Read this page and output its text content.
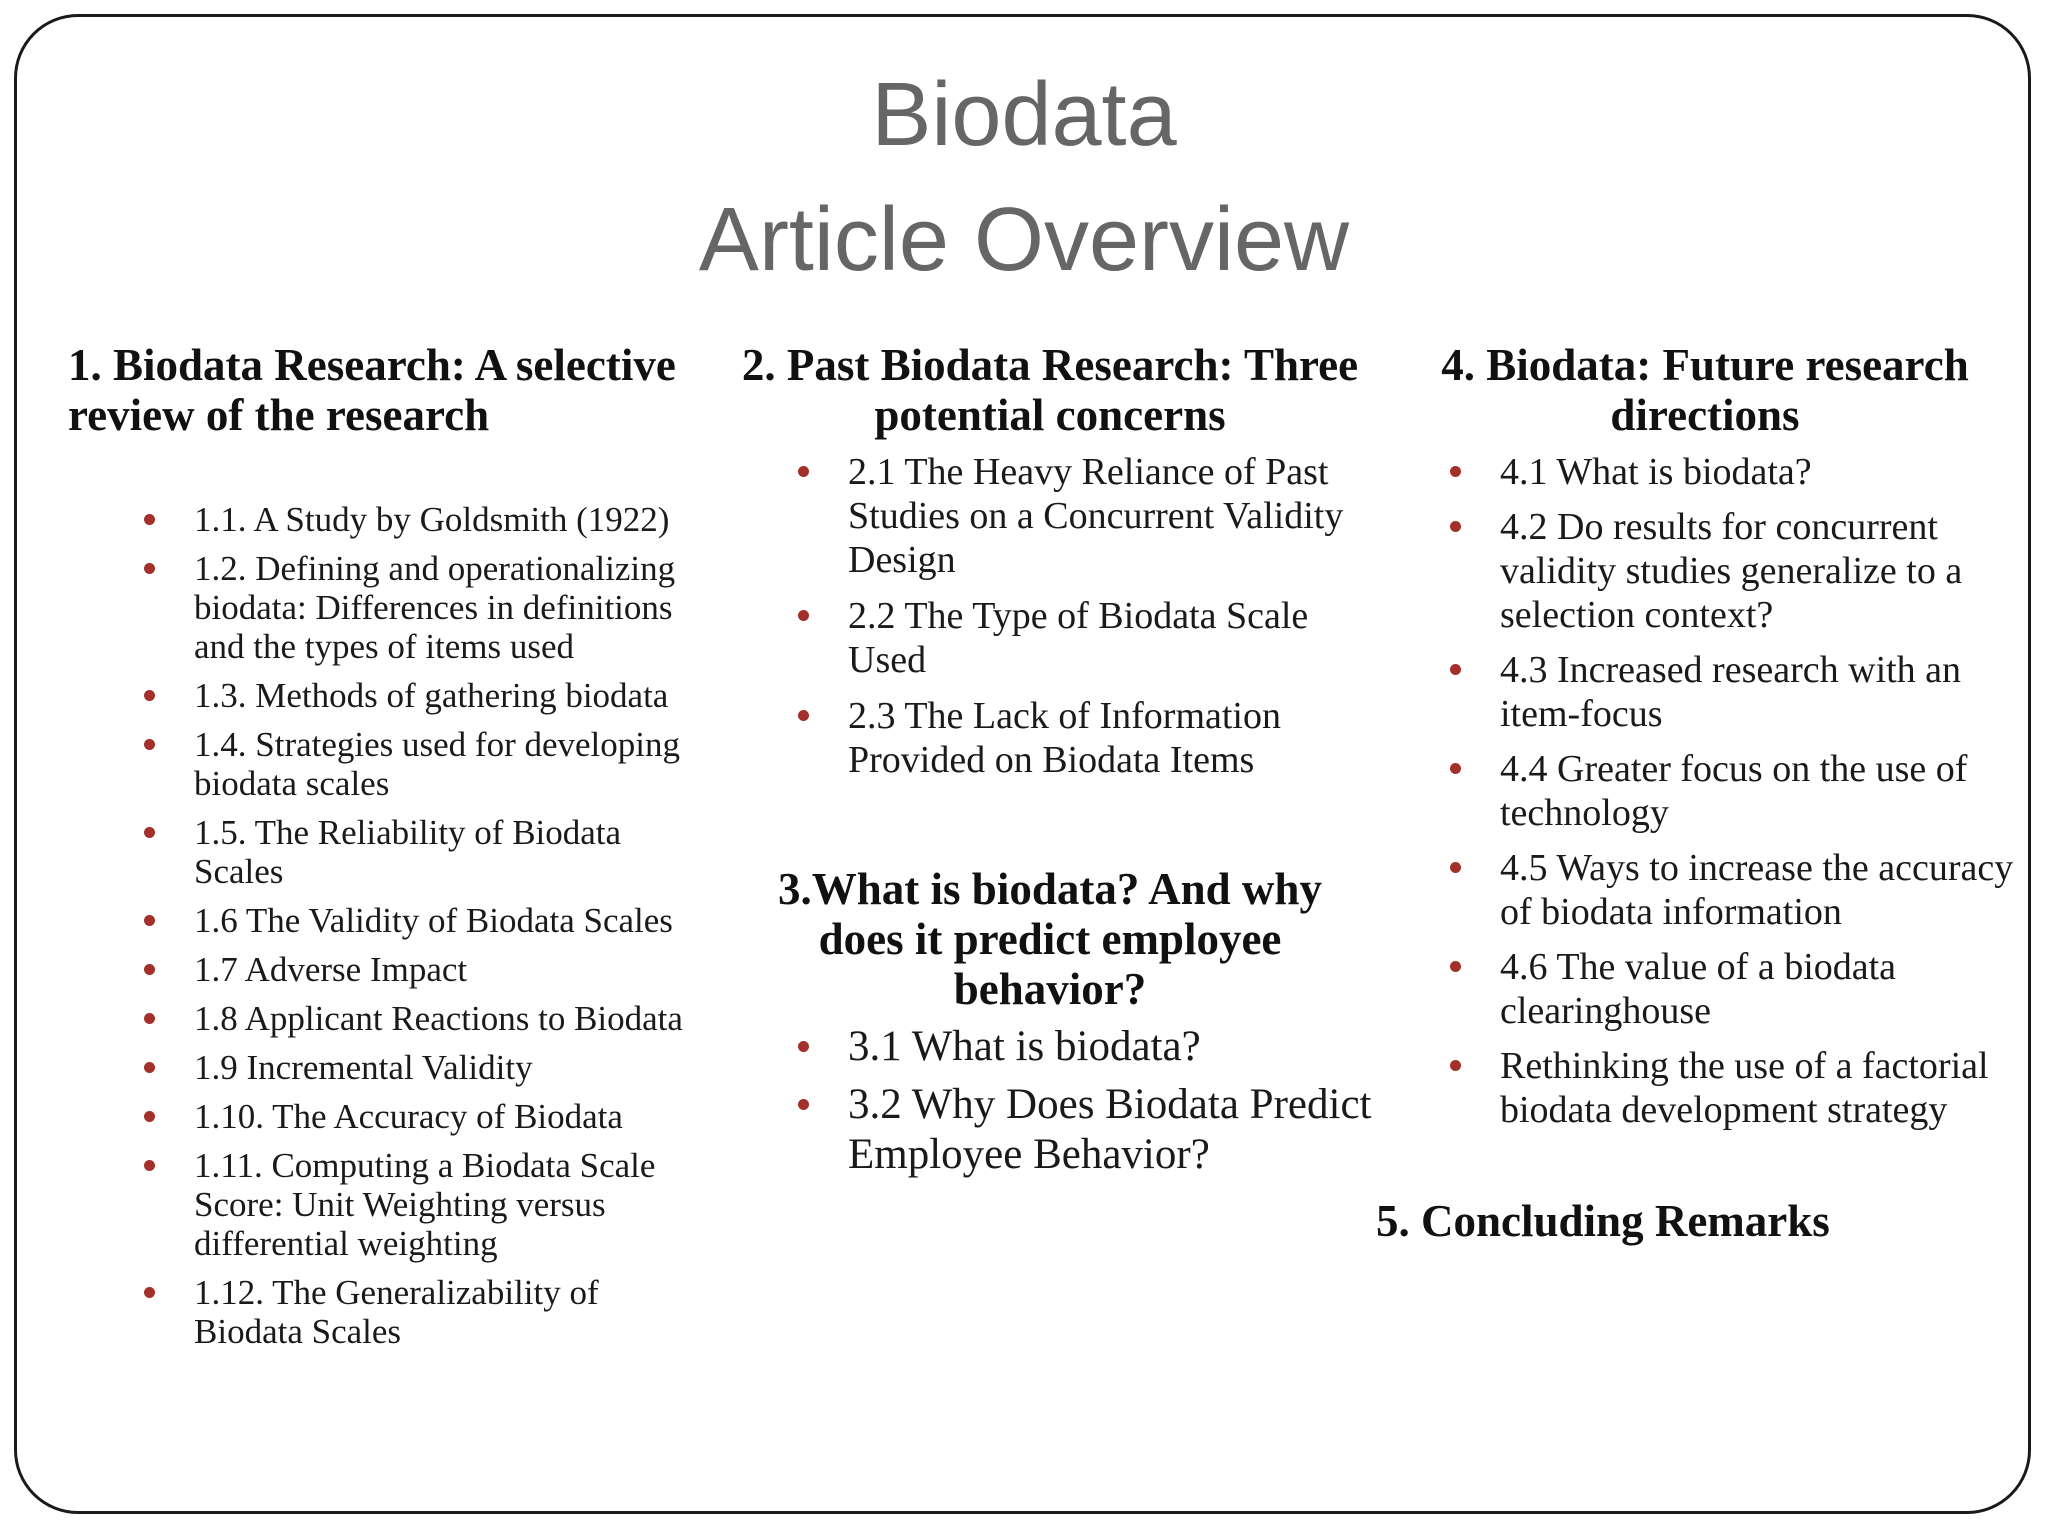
Biodata
Article Overview
1. Biodata Research: A selective review of the research
1.1. A Study by Goldsmith (1922)
1.2. Defining and operationalizing biodata: Differences in definitions and the types of items used
1.3. Methods of gathering biodata
1.4. Strategies used for developing biodata scales
1.5. The Reliability of Biodata Scales
1.6 The Validity of Biodata Scales
1.7 Adverse Impact
1.8 Applicant Reactions to Biodata
1.9 Incremental Validity
1.10. The Accuracy of Biodata
1.11. Computing a Biodata Scale Score: Unit Weighting versus differential weighting
1.12. The Generalizability of Biodata Scales
2. Past Biodata Research: Three potential concerns
2.1 The Heavy Reliance of Past Studies on a Concurrent Validity Design
2.2 The Type of Biodata Scale Used
2.3 The Lack of Information Provided on Biodata Items
3.What is biodata? And why does it predict employee behavior?
3.1 What is biodata?
3.2 Why Does Biodata Predict Employee Behavior?
4. Biodata: Future research directions
4.1 What is biodata?
4.2 Do results for concurrent validity studies generalize to a selection context?
4.3 Increased research with an item-focus
4.4 Greater focus on the use of technology
4.5 Ways to increase the accuracy of biodata information
4.6 The value of a biodata clearinghouse
Rethinking the use of a factorial biodata development strategy
5. Concluding Remarks
